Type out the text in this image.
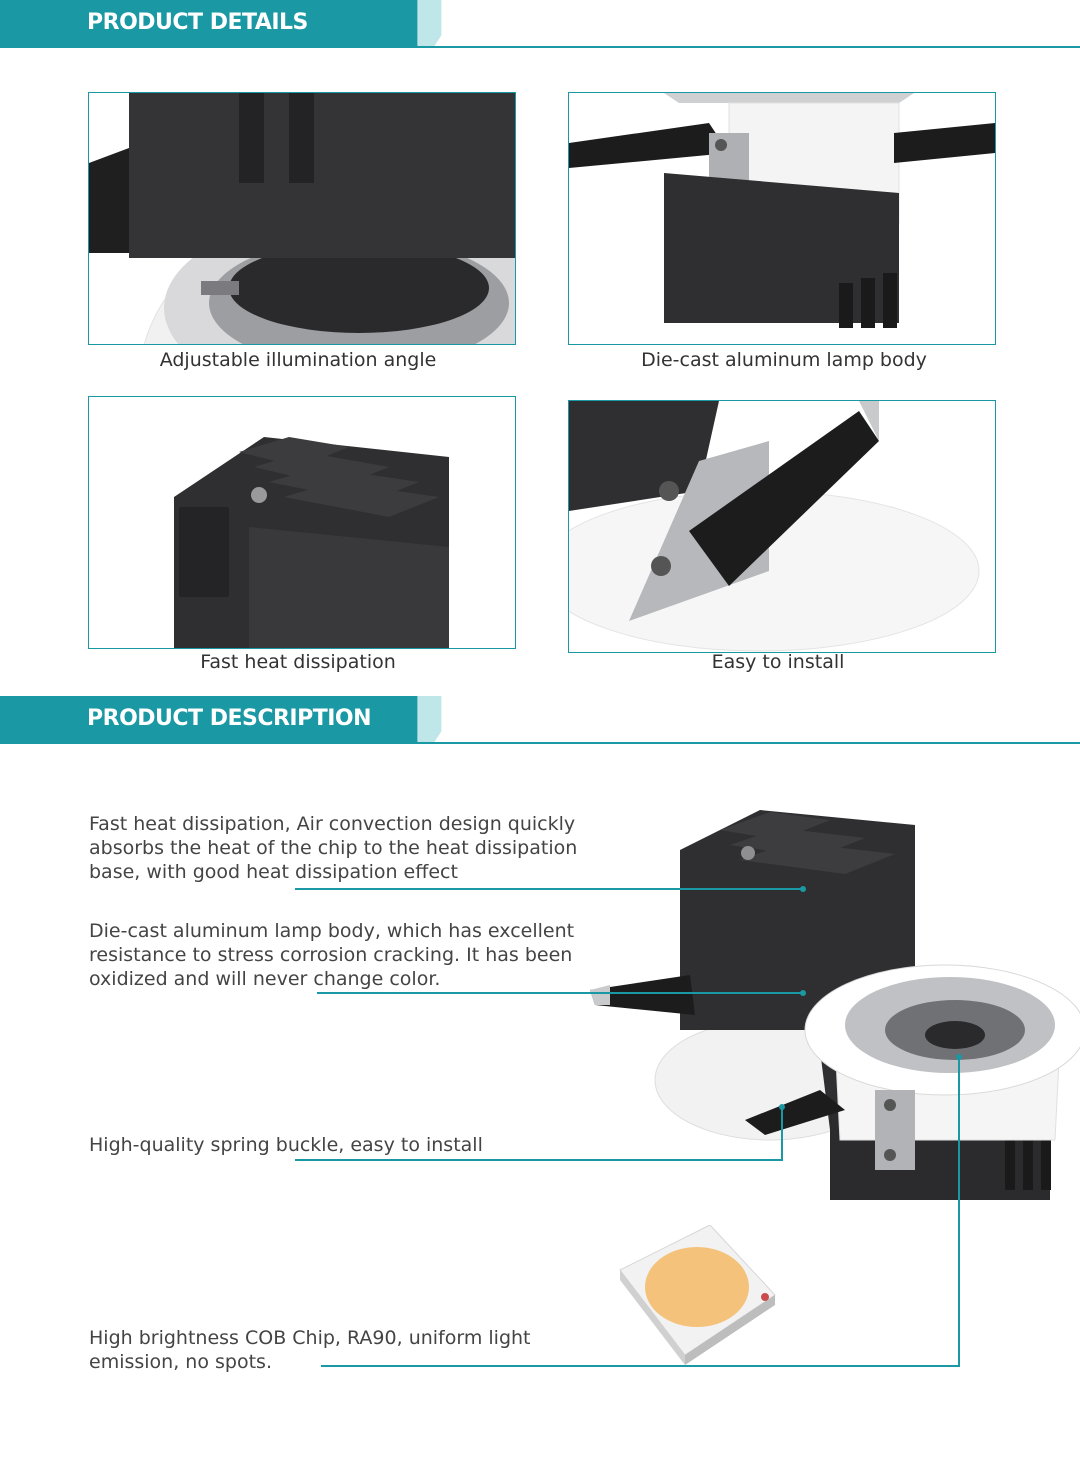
PRODUCT DETAILS
Adjustable illumination angle	Die-cast aluminum lamp body
Fast heat dissipation	Easy to install
PRODUCT DESCRIPTION
Fast heat dissipation, Air convection design quickly absorbs the heat of the chip to the heat dissipation base, with good heat dissipation effect
Die-cast aluminum lamp body, which has excellent resistance to stress corrosion cracking. It has been oxidized and will never change color.
High-quality spring buckle, easy to install
High brightness COB Chip, RA90, uniform light emission, no spots.
